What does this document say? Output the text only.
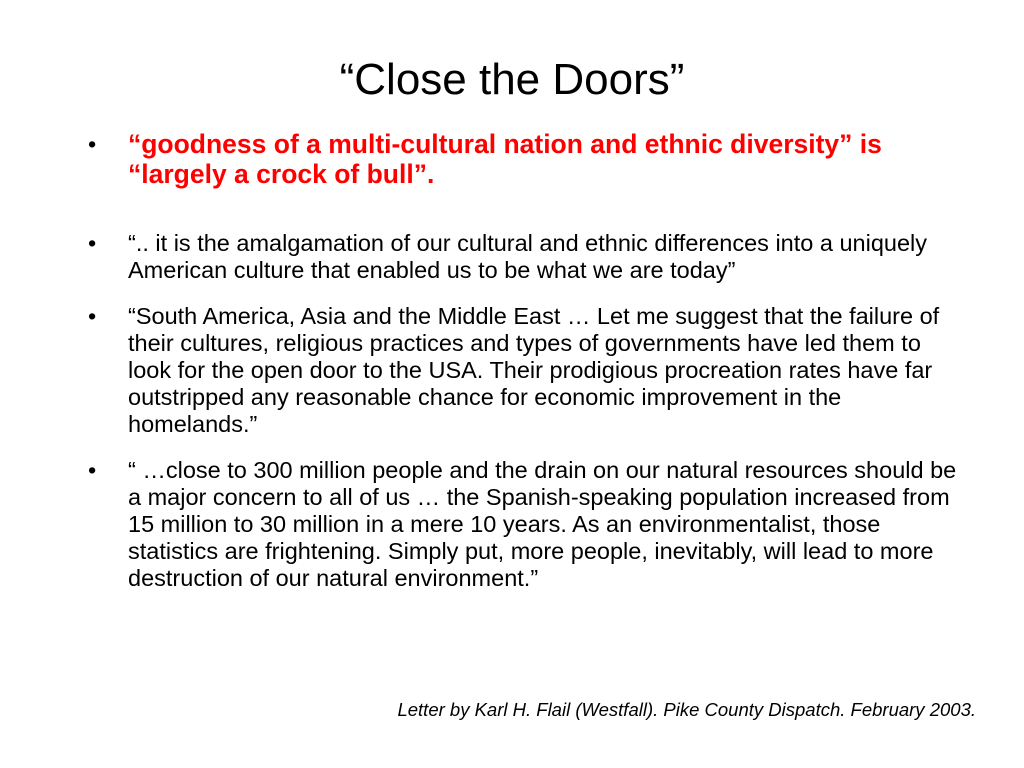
“Close the Doors”
•	“goodness of a multi-cultural nation and ethnic diversity” is “largely a crock of bull”.
•	“.. it is the amalgamation of our cultural and ethnic differences into a uniquely American culture that enabled us to be what we are today”
•	“South America, Asia and the Middle East … Let me suggest that the failure of their cultures, religious practices and types of governments have led them to look for the open door to the USA. Their prodigious procreation rates have far outstripped any reasonable chance for economic improvement in the homelands.”
•	“ …close to 300 million people and the drain on our natural resources should be a major concern to all of us … the Spanish-speaking population increased from 15 million to 30 million in a mere 10 years. As an environmentalist, those statistics are frightening. Simply put, more people, inevitably, will lead to more destruction of our natural environment.”

Letter by Karl H. Flail (Westfall). Pike County Dispatch. February 2003.
